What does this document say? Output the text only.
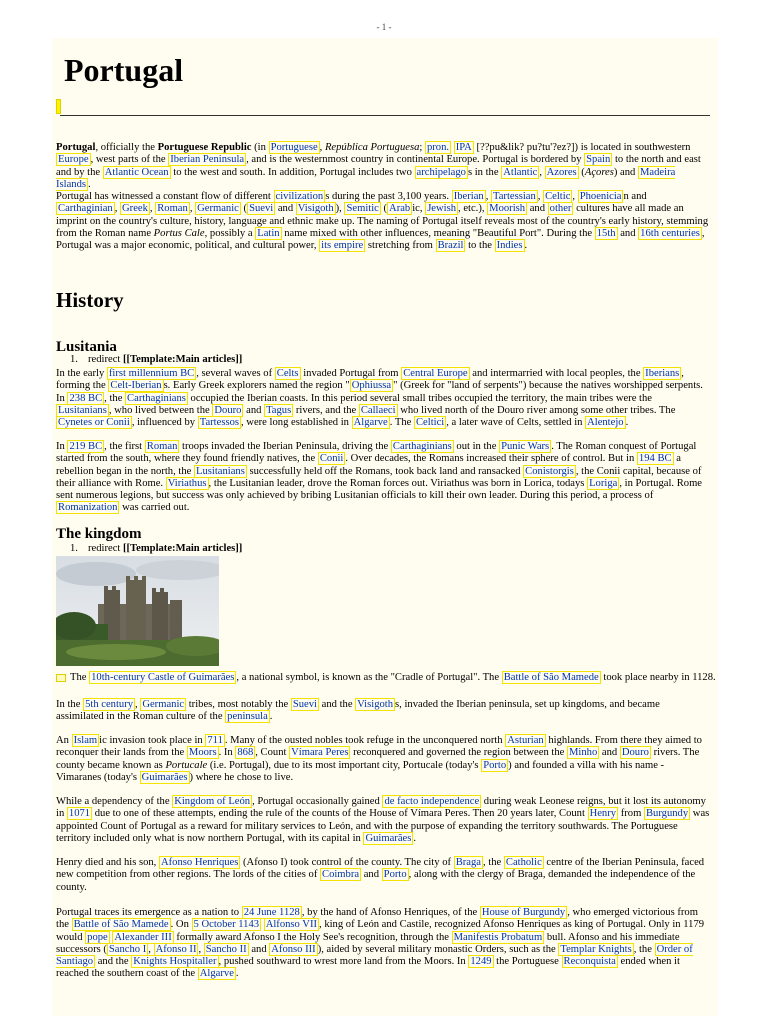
- 1 -
Portugal

Portugal, officially the Portuguese Republic (in Portuguese , República Portuguesa; pron. IPA [??pu&lik? pu?tu'?ez?]) is located in southwestern Europe , west parts of the Iberian Peninsula , and is the westernmost country in continental Europe. Portugal is bordered by Spain to the north and east and by the Atlantic Ocean to the west and south. In addition, Portugal includes two archipelago s in the Atlantic , Azores (Açores) and Madeira Islands .

Portugal has witnessed a constant flow of different civilization s during the past 3,100 years. Iberian , Tartessian , Celtic , Phoenicia n and Carthaginian , Greek , Roman , Germanic ( Suevi and Visigoth ), Semitic ( Arab ic, Jewish , etc.), Moorish and other cultures have all made an imprint on the country's culture, history, language and ethnic make up. The naming of Portugal itself reveals most of the country's early history, stemming from the Roman name Portus Cale, possibly a Latin name mixed with other influences, meaning "Beautiful Port". During the 15th and 16th centuries , Portugal was a major economic, political, and cultural power, its empire stretching from Brazil to the Indies .

History
Lusitania

1. redirect [[Template:Main articles]]

In the early first millennium BC , several waves of Celts invaded Portugal from Central Europe and intermarried with local peoples, the Iberians , forming the Celt-Iberian s. Early Greek explorers named the region " Ophiussa " (Greek for "land of serpents") because the natives worshipped serpents. In 238 BC , the Carthaginians occupied the Iberian coasts. In this period several small tribes occupied the territory, the main tribes were the Lusitanians , who lived between the Douro and Tagus rivers, and the Callaeci who lived north of the Douro river among some other tribes. The Cynetes or Conii , influenced by Tartessos , were long established in Algarve . The Celtici , a later wave of Celts, settled in Alentejo .

In 219 BC , the first Roman troops invaded the Iberian Peninsula, driving the Carthaginians out in the Punic Wars . The Roman conquest of Portugal started from the south, where they found friendly natives, the Conii . Over decades, the Romans increased their sphere of control. But in 194 BC a rebellion began in the north, the Lusitanians successfully held off the Romans, took back land and ransacked Conistorgis , the Conii capital, because of their alliance with Rome. Viriathus , the Lusitanian leader, drove the Roman forces out. Viriathus was born in Lorica, todays Loriga , in Portugal. Rome sent numerous legions, but success was only achieved by bribing Lusitanian officials to kill their own leader. During this period, a process of Romanization was carried out.

The kingdom

1. redirect [[Template:Main articles]]

The 10th-century Castle of Guimarães , a national symbol, is known as the "Cradle of Portugal". The Battle of São Mamede took place nearby in 1128.

In the 5th century , Germanic tribes, most notably the Suevi and the Visigoth s, invaded the Iberian peninsula, set up kingdoms, and became assimilated in the Roman culture of the peninsula .

An Islam ic invasion took place in 711 . Many of the ousted nobles took refuge in the unconquered north Asturian highlands. From there they aimed to reconquer their lands from the Moors . In 868 , Count Vímara Peres reconquered and governed the region between the Minho and Douro rivers. The county became known as Portucale (i.e. Portugal), due to its most important city, Portucale (today's Porto ) and founded a villa with his name - Vimaranes (today's Guimarães ) where he chose to live.

While a dependency of the Kingdom of León , Portugal occasionally gained de facto independence during weak Leonese reigns, but it lost its autonomy in 1071 due to one of these attempts, ending the rule of the counts of the House of Vímara Peres. Then 20 years later, Count Henry from Burgundy was appointed Count of Portugal as a reward for military services to León, and with the purpose of expanding the territory southwards. The Portuguese territory included only what is now northern Portugal, with its capital in Guimarães .

Henry died and his son, Afonso Henriques (Afonso I) took control of the county. The city of Braga , the Catholic centre of the Iberian Peninsula, faced new competition from other regions. The lords of the cities of Coimbra and Porto , along with the clergy of Braga, demanded the independence of the county.

Portugal traces its emergence as a nation to 24 June 1128 , by the hand of Afonso Henriques, of the House of Burgundy , who emerged victorious from the Battle of São Mamede . On 5 October 1143 Alfonso VII , king of León and Castile, recognized Afonso Henriques as king of Portugal. Only in 1179 would pope Alexander III formally award Afonso I the Holy See's recognition, through the Manifestis Probatum bull. Afonso and his immediate successors ( Sancho I , Afonso II , Sancho II and Afonso III ), aided by several military monastic Orders, such as the Templar Knights , the Order of Santiago and the Knights Hospitaller , pushed southward to wrest more land from the Moors. In 1249 the Portuguese Reconquista ended when it reached the southern coast of the Algarve .
